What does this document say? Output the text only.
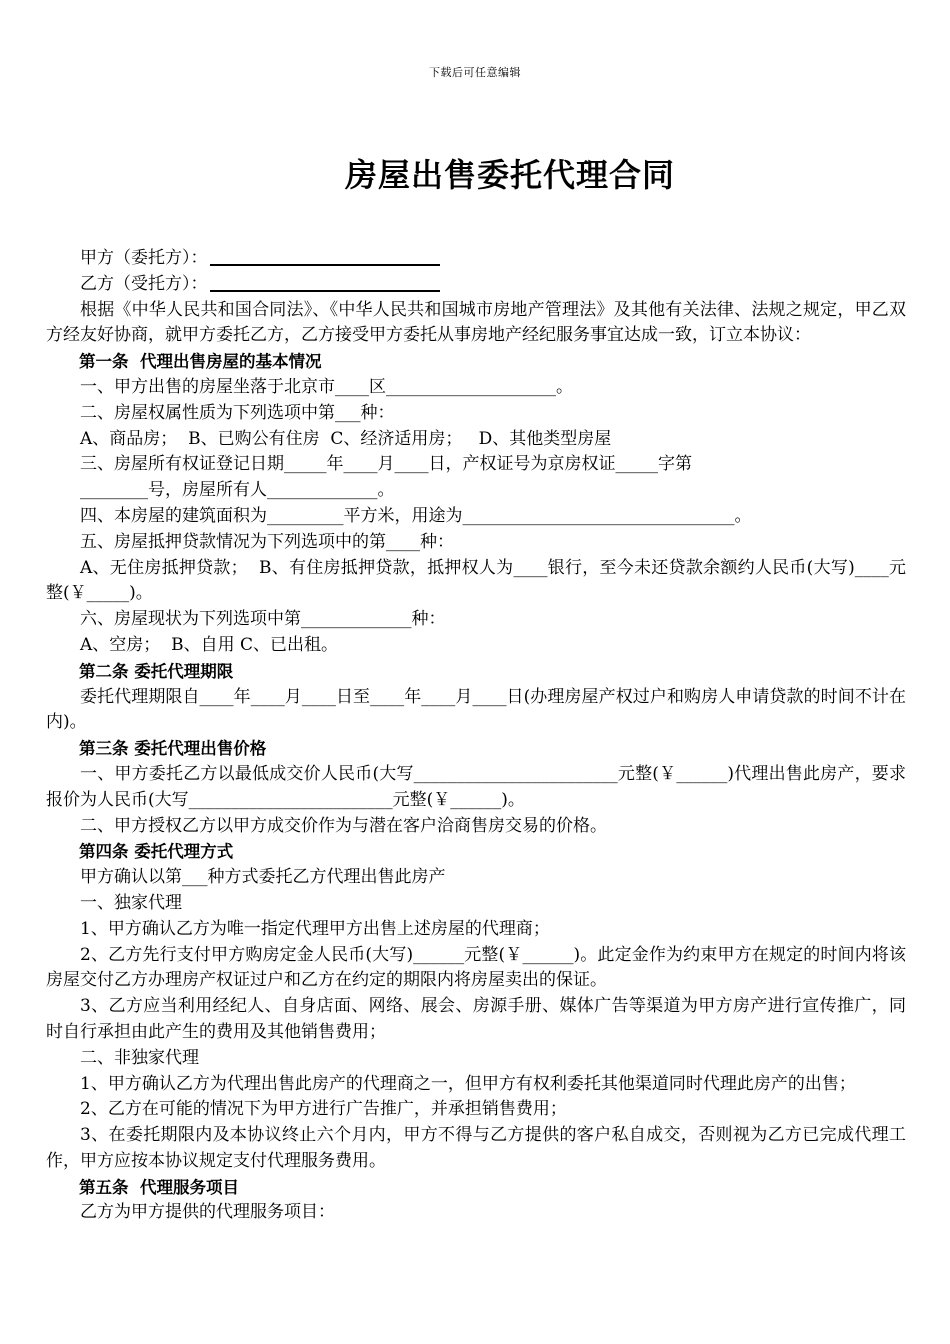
下载后可任意编辑
房屋出售委托代理合同

甲方（委托方）：

乙方（受托方）：

根据《中华人民共和国合同法》、《中华人民共和国城市房地产管理法》及其他有关法律、法规之规定，甲乙双方经友好协商，就甲方委托乙方，乙方接受甲方委托从事房地产经纪服务事宜达成一致，订立本协议：

第一条  代理出售房屋的基本情况

一、甲方出售的房屋坐落于北京市____区____________________。

二、房屋权属性质为下列选项中第___种：

A、商品房；  B、已购公有住房  C、经济适用房；   D、其他类型房屋

三、房屋所有权证登记日期_____年____月____日，产权证号为京房权证_____字第

________号，房屋所有人_____________。

四、本房屋的建筑面积为_________平方米，用途为________________________________。

五、房屋抵押贷款情况为下列选项中的第____种：

A、无住房抵押贷款；  B、有住房抵押贷款，抵押权人为____银行，至今未还贷款余额约人民币(大写)____元整(￥_____)。

六、房屋现状为下列选项中第_____________种：

A、空房；  B、自用 C、已出租。

第二条 委托代理期限

委托代理期限自____年____月____日至____年____月____日(办理房屋产权过户和购房人申请贷款的时间不计在内)。

第三条 委托代理出售价格

一、甲方委托乙方以最低成交价人民币(大写________________________元整(￥______)代理出售此房产，要求报价为人民币(大写________________________元整(￥______)。

二、甲方授权乙方以甲方成交价作为与潜在客户洽商售房交易的价格。

第四条 委托代理方式

甲方确认以第___种方式委托乙方代理出售此房产

一、独家代理

1、甲方确认乙方为唯一指定代理甲方出售上述房屋的代理商；

2、乙方先行支付甲方购房定金人民币(大写)______元整(￥______)。此定金作为约束甲方在规定的时间内将该房屋交付乙方办理房产权证过户和乙方在约定的期限内将房屋卖出的保证。

3、乙方应当利用经纪人、自身店面、网络、展会、房源手册、媒体广告等渠道为甲方房产进行宣传推广，同时自行承担由此产生的费用及其他销售费用；

二、非独家代理

1、甲方确认乙方为代理出售此房产的代理商之一，但甲方有权利委托其他渠道同时代理此房产的出售；

2、乙方在可能的情况下为甲方进行广告推广，并承担销售费用；

3、在委托期限内及本协议终止六个月内，甲方不得与乙方提供的客户私自成交，否则视为乙方已完成代理工作，甲方应按本协议规定支付代理服务费用。

第五条  代理服务项目

乙方为甲方提供的代理服务项目：
